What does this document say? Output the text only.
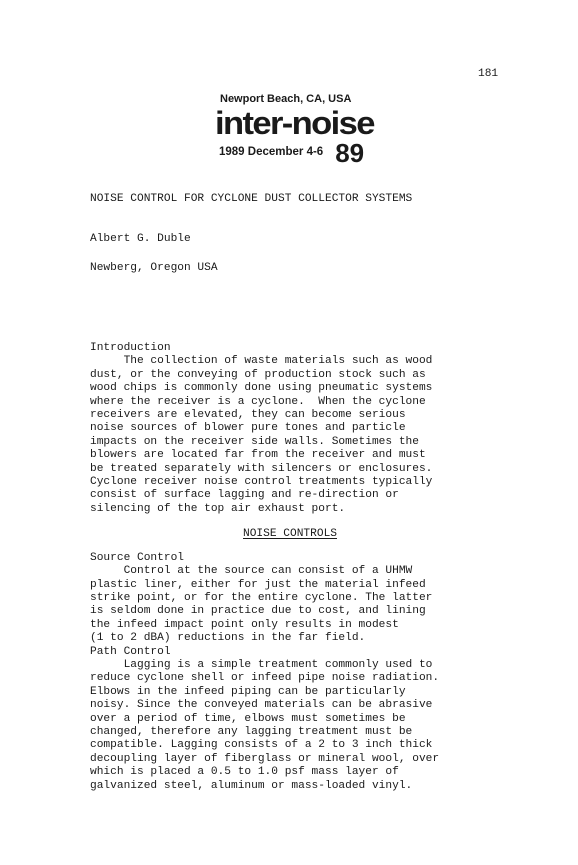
181
Newport Beach, CA, USA
inter-noise
1989 December 4-6 89
NOISE CONTROL FOR CYCLONE DUST COLLECTOR SYSTEMS
Albert G. Duble
Newberg, Oregon USA
Introduction
The collection of waste materials such as wood
dust, or the conveying of production stock such as
wood chips is commonly done using pneumatic systems
where the receiver is a cyclone.  When the cyclone
receivers are elevated, they can become serious
noise sources of blower pure tones and particle
impacts on the receiver side walls. Sometimes the
blowers are located far from the receiver and must
be treated separately with silencers or enclosures.
Cyclone receiver noise control treatments typically
consist of surface lagging and re-direction or
silencing of the top air exhaust port.
NOISE CONTROLS
Source Control
Control at the source can consist of a UHMW
plastic liner, either for just the material infeed
strike point, or for the entire cyclone. The latter
is seldom done in practice due to cost, and lining
the infeed impact point only results in modest
(1 to 2 dBA) reductions in the far field.
Path Control
Lagging is a simple treatment commonly used to
reduce cyclone shell or infeed pipe noise radiation.
Elbows in the infeed piping can be particularly
noisy. Since the conveyed materials can be abrasive
over a period of time, elbows must sometimes be
changed, therefore any lagging treatment must be
compatible. Lagging consists of a 2 to 3 inch thick
decoupling layer of fiberglass or mineral wool, over
which is placed a 0.5 to 1.0 psf mass layer of
galvanized steel, aluminum or mass-loaded vinyl.
